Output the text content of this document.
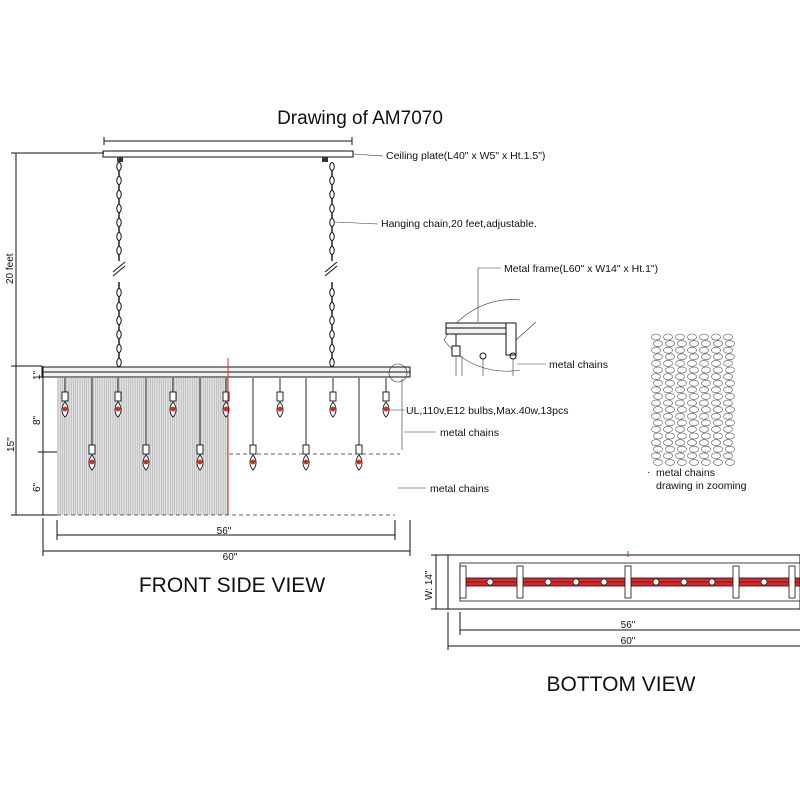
Drawing of AM7070
Ceiling plate(L40" x W5" x Ht.1.5")
20 feet
Hanging chain,20 feet,adjustable.
UL,110v,E12 bulbs,Max.40w,13pcs
metal chains
metal chains
1"
8"
15"
6"
56"
60"
FRONT SIDE VIEW
Metal frame(L60" x W14" x Ht.1")
metal chains
· metal chains
drawing in zooming
W: 14"
56"
60"
BOTTOM VIEW
